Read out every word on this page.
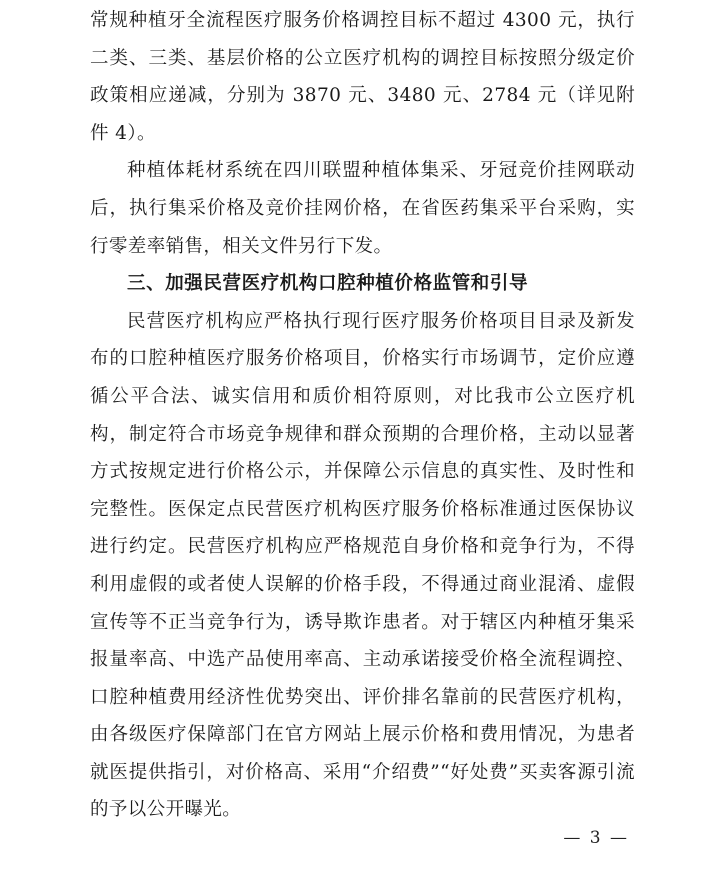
常规种植牙全流程医疗服务价格调控目标不超过 4300 元，执行二类、三类、基层价格的公立医疗机构的调控目标按照分级定价政策相应递减，分别为 3870 元、3480 元、2784 元（详见附件 4）。

种植体耗材系统在四川联盟种植体集采、牙冠竞价挂网联动后，执行集采价格及竞价挂网价格，在省医药集采平台采购，实行零差率销售，相关文件另行下发。

三、加强民营医疗机构口腔种植价格监管和引导

民营医疗机构应严格执行现行医疗服务价格项目目录及新发布的口腔种植医疗服务价格项目，价格实行市场调节，定价应遵循公平合法、诚实信用和质价相符原则，对比我市公立医疗机构，制定符合市场竞争规律和群众预期的合理价格，主动以显著方式按规定进行价格公示，并保障公示信息的真实性、及时性和完整性。医保定点民营医疗机构医疗服务价格标准通过医保协议进行约定。民营医疗机构应严格规范自身价格和竞争行为，不得利用虚假的或者使人误解的价格手段，不得通过商业混淆、虚假宣传等不正当竞争行为，诱导欺诈患者。对于辖区内种植牙集采报量率高、中选产品使用率高、主动承诺接受价格全流程调控、口腔种植费用经济性优势突出、评价排名靠前的民营医疗机构，由各级医疗保障部门在官方网站上展示价格和费用情况，为患者就医提供指引，对价格高、采用“介绍费”“好处费”买卖客源引流的予以公开曝光。

— 3 —
